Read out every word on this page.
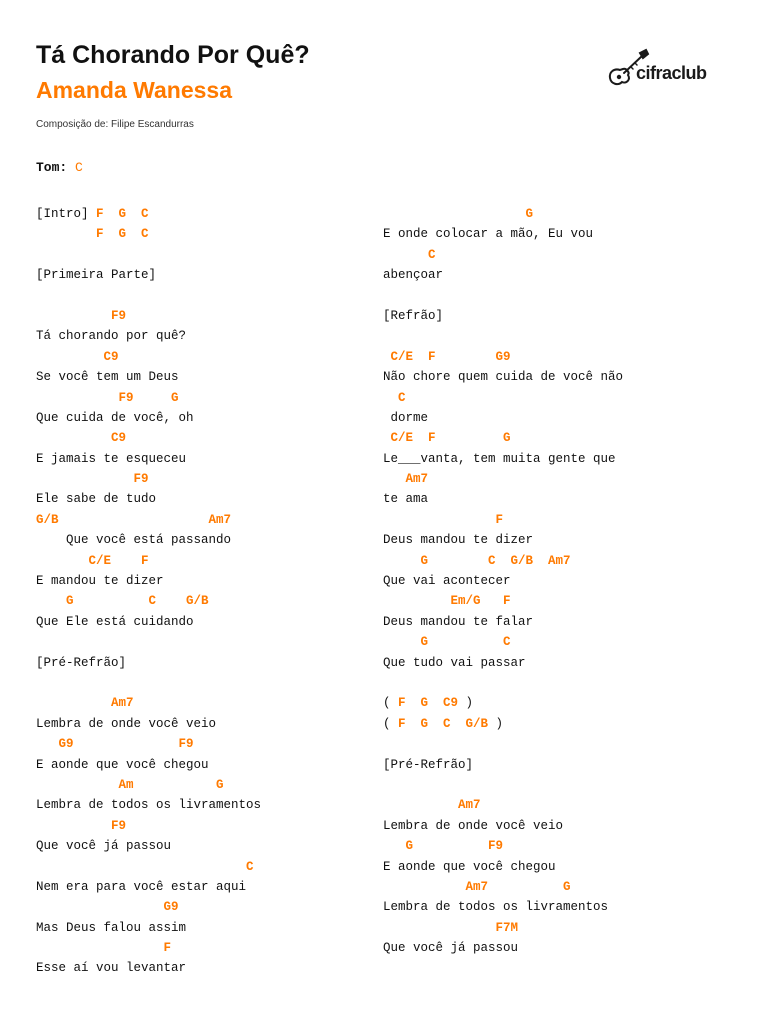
Tá Chorando Por Quê?
Amanda Wanessa
Composição de: Filipe Escandurras
cifraclub
Tom: C
[Intro] F  G  C
F  G  C
[Primeira Parte]
F9
Tá chorando por quê?
C9
Se você tem um Deus
F9     G
Que cuida de você, oh
C9
E jamais te esqueceu
F9
Ele sabe de tudo
G/B                    Am7
Que você está passando
C/E    F
E mandou te dizer
G          C    G/B
Que Ele está cuidando
[Pré-Refrão]
Am7
Lembra de onde você veio
G9              F9
E aonde que você chegou
Am           G
Lembra de todos os livramentos
F9
Que você já passou
C
Nem era para você estar aqui
G9
Mas Deus falou assim
F
Esse aí vou levantar
G
E onde colocar a mão, Eu vou
C
abençoar
[Refrão]
C/E  F        G9
Não chore quem cuida de você não
C
dorme
C/E  F         G
Le___vanta, tem muita gente que
Am7
te ama
F
Deus mandou te dizer
G        C  G/B  Am7
Que vai acontecer
Em/G   F
Deus mandou te falar
G          C
Que tudo vai passar
( F  G  C9 )
( F  G  C  G/B )
[Pré-Refrão]
Am7
Lembra de onde você veio
G          F9
E aonde que você chegou
Am7          G
Lembra de todos os livramentos
F7M
Que você já passou
